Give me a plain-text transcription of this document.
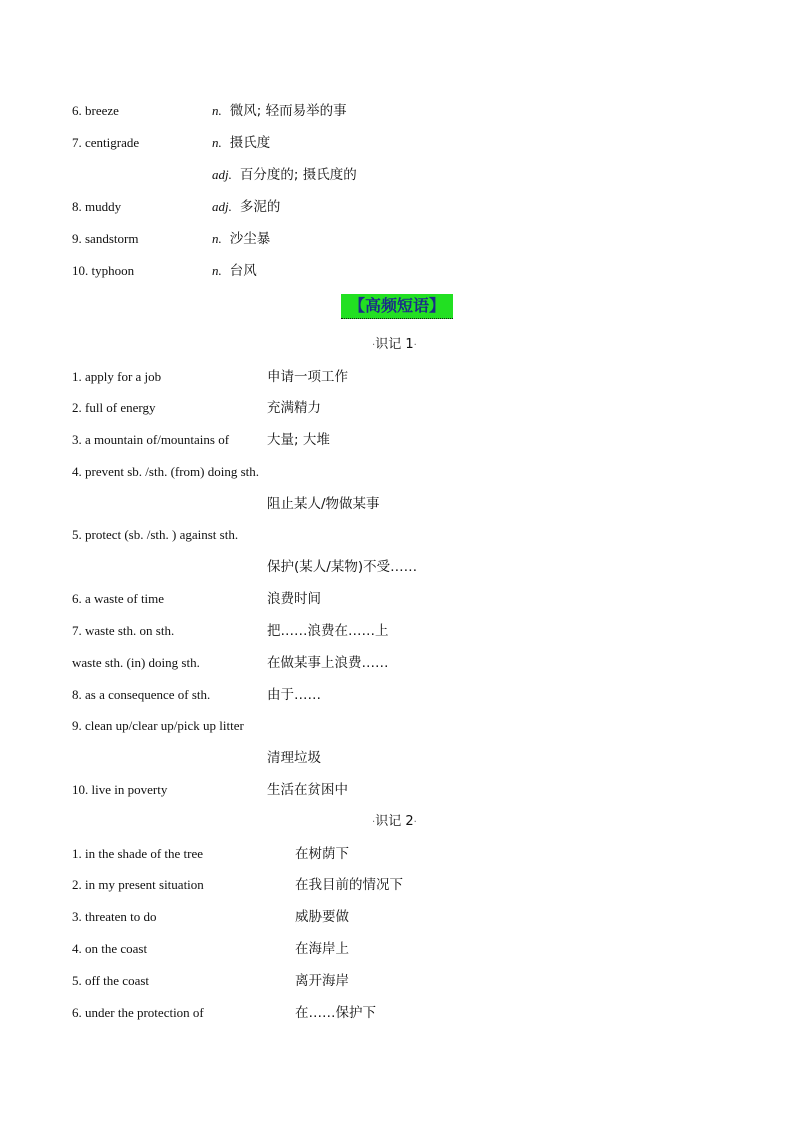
6. breeze	n. 微风; 轻而易举的事
7. centigrade	n. 摄氏度
adj. 百分度的; 摄氏度的
8. muddy	adj. 多泥的
9. sandstorm	n. 沙尘暴
10. typhoon	n. 台风
【高频短语】
·识记 1·
1. apply for a job	申请一项工作
2. full of energy	充满精力
3. a mountain of/mountains of	大量; 大堆
4. prevent sb. /sth. (from) doing sth.
阻止某人/物做某事
5. protect (sb. /sth. ) against sth.
保护(某人/某物)不受……
6. a waste of time	浪费时间
7. waste sth. on sth.	把……浪费在……上
waste sth. (in) doing sth.	在做某事上浪费……
8. as a consequence of sth.	由于……
9. clean up/clear up/pick up litter
清理垃圾
10. live in poverty	生活在贫困中
·识记 2·
1. in the shade of the tree	在树荫下
2. in my present situation	在我目前的情况下
3. threaten to do	威胁要做
4. on the coast	在海岸上
5. off the coast	离开海岸
6. under the protection of	在……保护下
